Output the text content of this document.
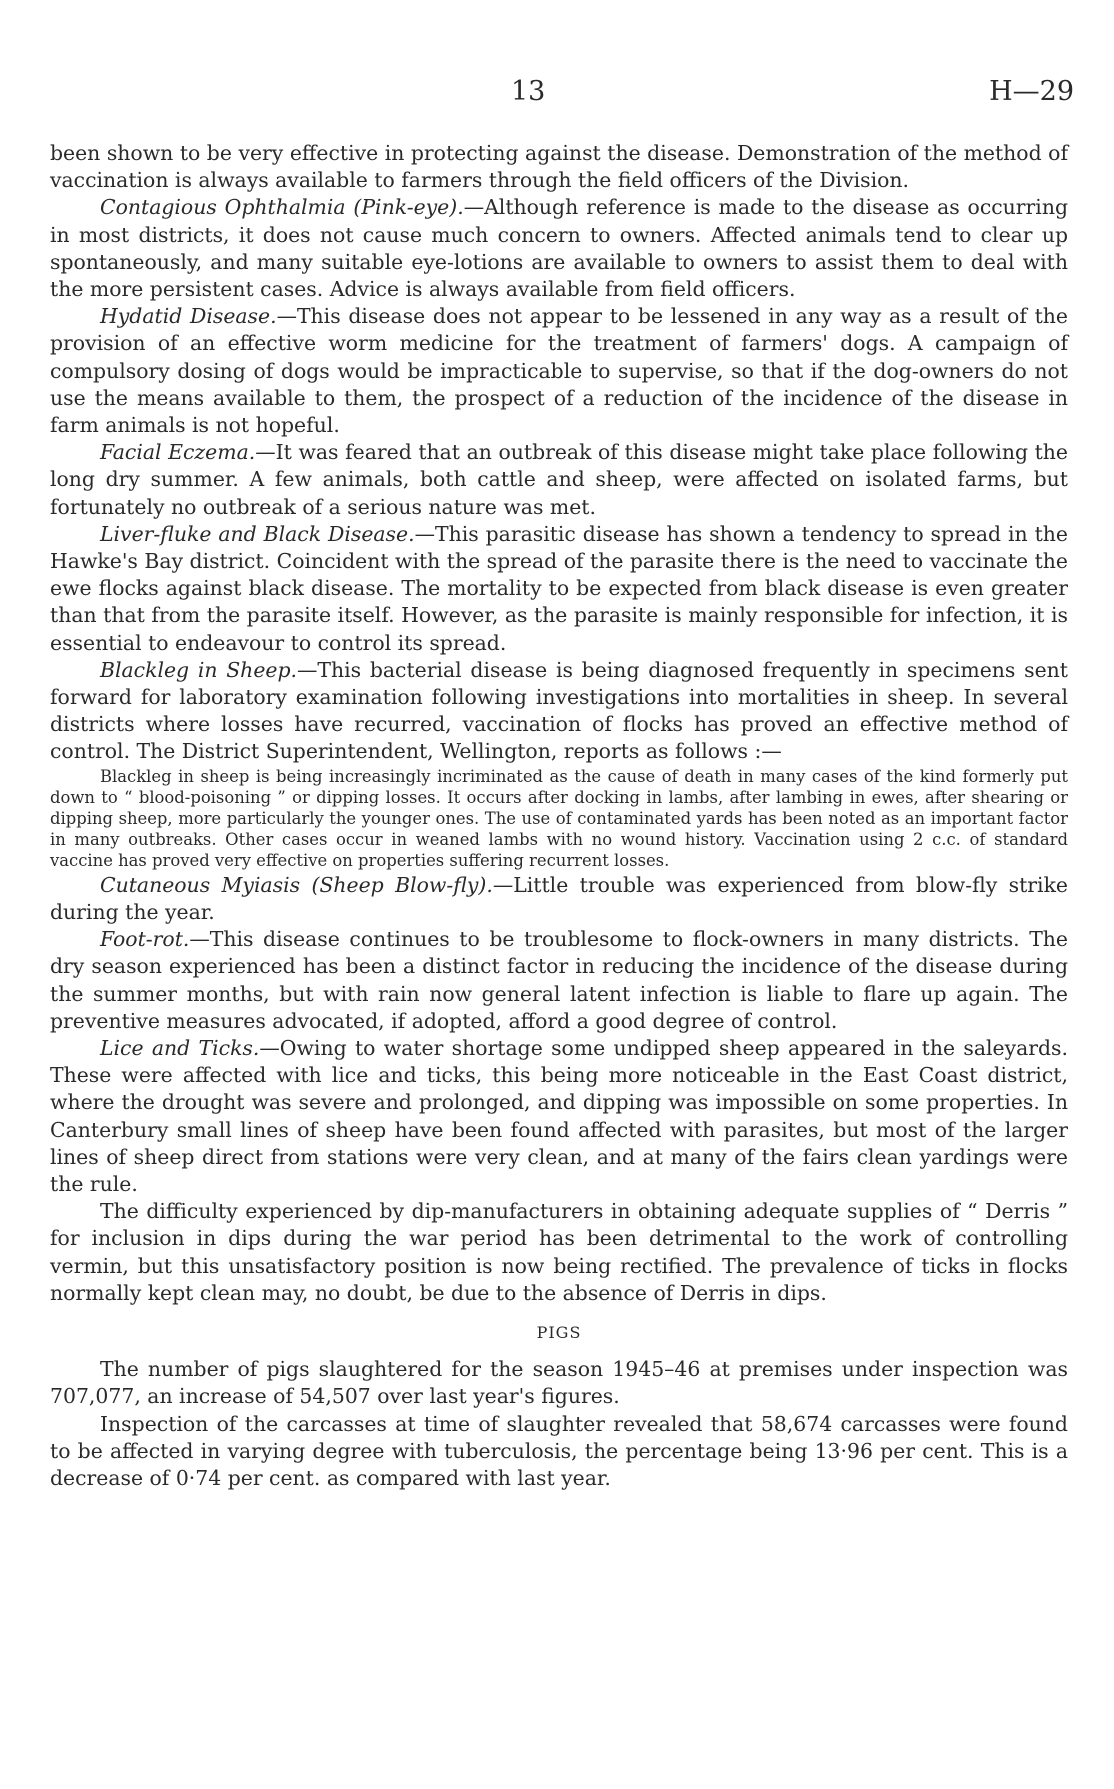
13	H—29

been shown to be very effective in protecting against the disease. Demonstration of the method of vaccination is always available to farmers through the field officers of the Division.

Contagious Ophthalmia (Pink-eye).—Although reference is made to the disease as occurring in most districts, it does not cause much concern to owners. Affected animals tend to clear up spontaneously, and many suitable eye-lotions are available to owners to assist them to deal with the more persistent cases. Advice is always available from field officers.

Hydatid Disease.—This disease does not appear to be lessened in any way as a result of the provision of an effective worm medicine for the treatment of farmers' dogs. A campaign of compulsory dosing of dogs would be impracticable to supervise, so that if the dog-owners do not use the means available to them, the prospect of a reduction of the incidence of the disease in farm animals is not hopeful.

Facial Eczema.—It was feared that an outbreak of this disease might take place following the long dry summer. A few animals, both cattle and sheep, were affected on isolated farms, but fortunately no outbreak of a serious nature was met.

Liver-fluke and Black Disease.—This parasitic disease has shown a tendency to spread in the Hawke's Bay district. Coincident with the spread of the parasite there is the need to vaccinate the ewe flocks against black disease. The mortality to be expected from black disease is even greater than that from the parasite itself. However, as the parasite is mainly responsible for infection, it is essential to endeavour to control its spread.

Blackleg in Sheep.—This bacterial disease is being diagnosed frequently in specimens sent forward for laboratory examination following investigations into mortalities in sheep. In several districts where losses have recurred, vaccination of flocks has proved an effective method of control. The District Superintendent, Wellington, reports as follows :—

Blackleg in sheep is being increasingly incriminated as the cause of death in many cases of the kind formerly put down to “ blood-poisoning ” or dipping losses. It occurs after docking in lambs, after lambing in ewes, after shearing or dipping sheep, more particularly the younger ones. The use of contaminated yards has been noted as an important factor in many outbreaks. Other cases occur in weaned lambs with no wound history. Vaccination using 2 c.c. of standard vaccine has proved very effective on properties suffering recurrent losses.

Cutaneous Myiasis (Sheep Blow-fly).—Little trouble was experienced from blow-fly strike during the year.

Foot-rot.—This disease continues to be troublesome to flock-owners in many districts. The dry season experienced has been a distinct factor in reducing the incidence of the disease during the summer months, but with rain now general latent infection is liable to flare up again. The preventive measures advocated, if adopted, afford a good degree of control.

Lice and Ticks.—Owing to water shortage some undipped sheep appeared in the saleyards. These were affected with lice and ticks, this being more noticeable in the East Coast district, where the drought was severe and prolonged, and dipping was impossible on some properties. In Canterbury small lines of sheep have been found affected with parasites, but most of the larger lines of sheep direct from stations were very clean, and at many of the fairs clean yardings were the rule.

The difficulty experienced by dip-manufacturers in obtaining adequate supplies of “ Derris ” for inclusion in dips during the war period has been detrimental to the work of controlling vermin, but this unsatisfactory position is now being rectified. The prevalence of ticks in flocks normally kept clean may, no doubt, be due to the absence of Derris in dips.

PIGS

The number of pigs slaughtered for the season 1945–46 at premises under inspection was 707,077, an increase of 54,507 over last year's figures.

Inspection of the carcasses at time of slaughter revealed that 58,674 carcasses were found to be affected in varying degree with tuberculosis, the percentage being 13·96 per cent. This is a decrease of 0·74 per cent. as compared with last year.
